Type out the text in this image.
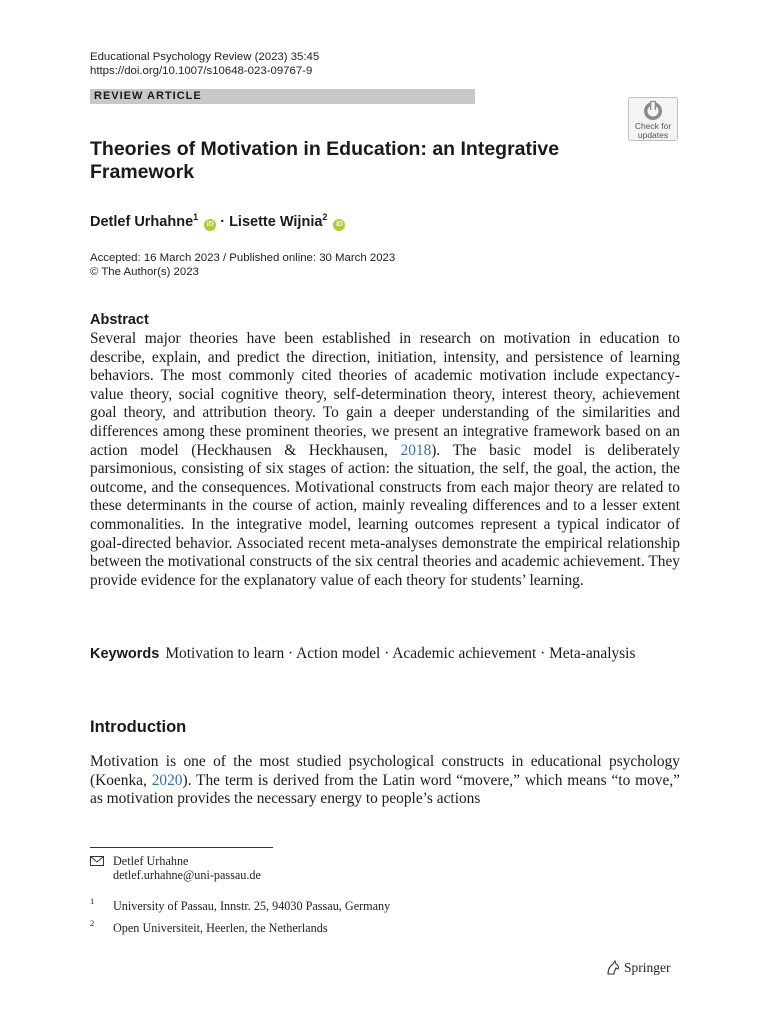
Educational Psychology Review (2023) 35:45
https://doi.org/10.1007/s10648-023-09767-9
REVIEW ARTICLE
Check for
updates
Theories of Motivation in Education: an Integrative
Framework
Detlef Urhahne$^1$ iD · Lisette Wijnia$^2$ iD
Accepted: 16 March 2023 / Published online: 30 March 2023
© The Author(s) 2023
Abstract
Several major theories have been established in research on motivation in education to describe, explain, and predict the direction, initiation, intensity, and persistence of learning behaviors. The most commonly cited theories of academic motivation include expectancy-value theory, social cognitive theory, self-determination theory, interest theory, achievement goal theory, and attribution theory. To gain a deeper understanding of the similarities and differences among these prominent theories, we present an integrative framework based on an action model (Heckhausen & Heckhausen, 2018). The basic model is deliberately parsimonious, consisting of six stages of action: the situation, the self, the goal, the action, the outcome, and the consequences. Motivational constructs from each major theory are related to these determinants in the course of action, mainly revealing differences and to a lesser extent commonalities. In the integrative model, learning outcomes represent a typical indicator of goal-directed behavior. Associated recent meta-analyses demonstrate the empirical relationship between the motivational constructs of the six central theories and academic achievement. They provide evidence for the explanatory value of each theory for students’ learning.
Keywords Motivation to learn · Action model · Academic achievement · Meta-analysis
Introduction
Motivation is one of the most studied psychological constructs in educational psychology (Koenka, 2020). The term is derived from the Latin word “movere,” which means “to move,” as motivation provides the necessary energy to people’s actions
Detlef Urhahne
detlef.urhahne@uni-passau.de
1 University of Passau, Innstr. 25, 94030 Passau, Germany
2 Open Universiteit, Heerlen, the Netherlands
Springer
